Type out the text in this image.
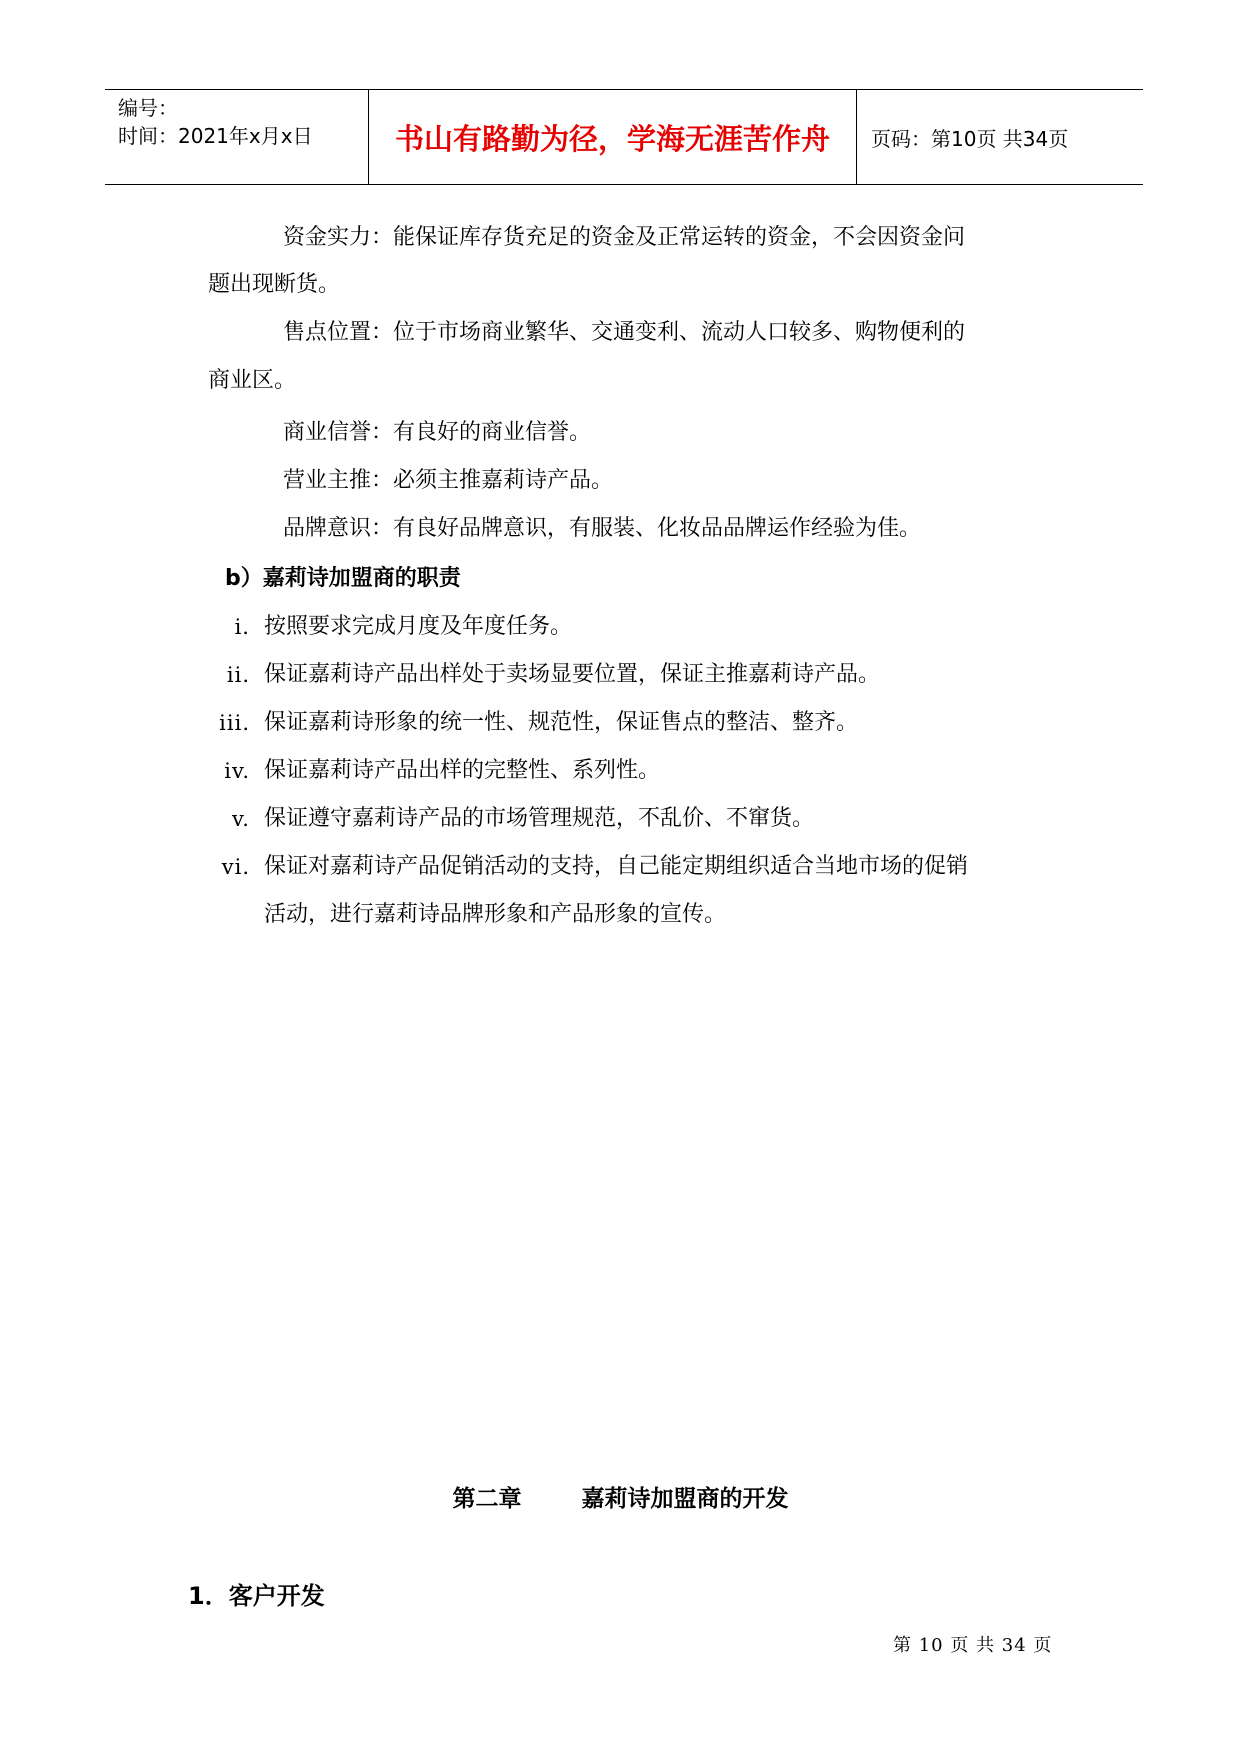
编号：
时间：2021年x月x日	书山有路勤为径，学海无涯苦作舟	页码：第10页 共34页
资金实力：能保证库存货充足的资金及正常运转的资金，不会因资金问
题出现断货。
售点位置：位于市场商业繁华、交通变利、流动人口较多、购物便利的
商业区。
商业信誉：有良好的商业信誉。
营业主推：必须主推嘉莉诗产品。
品牌意识：有良好品牌意识，有服装、化妆品品牌运作经验为佳。
b）嘉莉诗加盟商的职责
i. 按照要求完成月度及年度任务。
ii. 保证嘉莉诗产品出样处于卖场显要位置，保证主推嘉莉诗产品。
iii. 保证嘉莉诗形象的统一性、规范性，保证售点的整洁、整齐。
iv. 保证嘉莉诗产品出样的完整性、系列性。
v. 保证遵守嘉莉诗产品的市场管理规范，不乱价、不窜货。
vi. 保证对嘉莉诗产品促销活动的支持，自己能定期组织适合当地市场的促销
活动，进行嘉莉诗品牌形象和产品形象的宣传。
第二章	嘉莉诗加盟商的开发
1．客户开发
第 10 页 共 34 页
